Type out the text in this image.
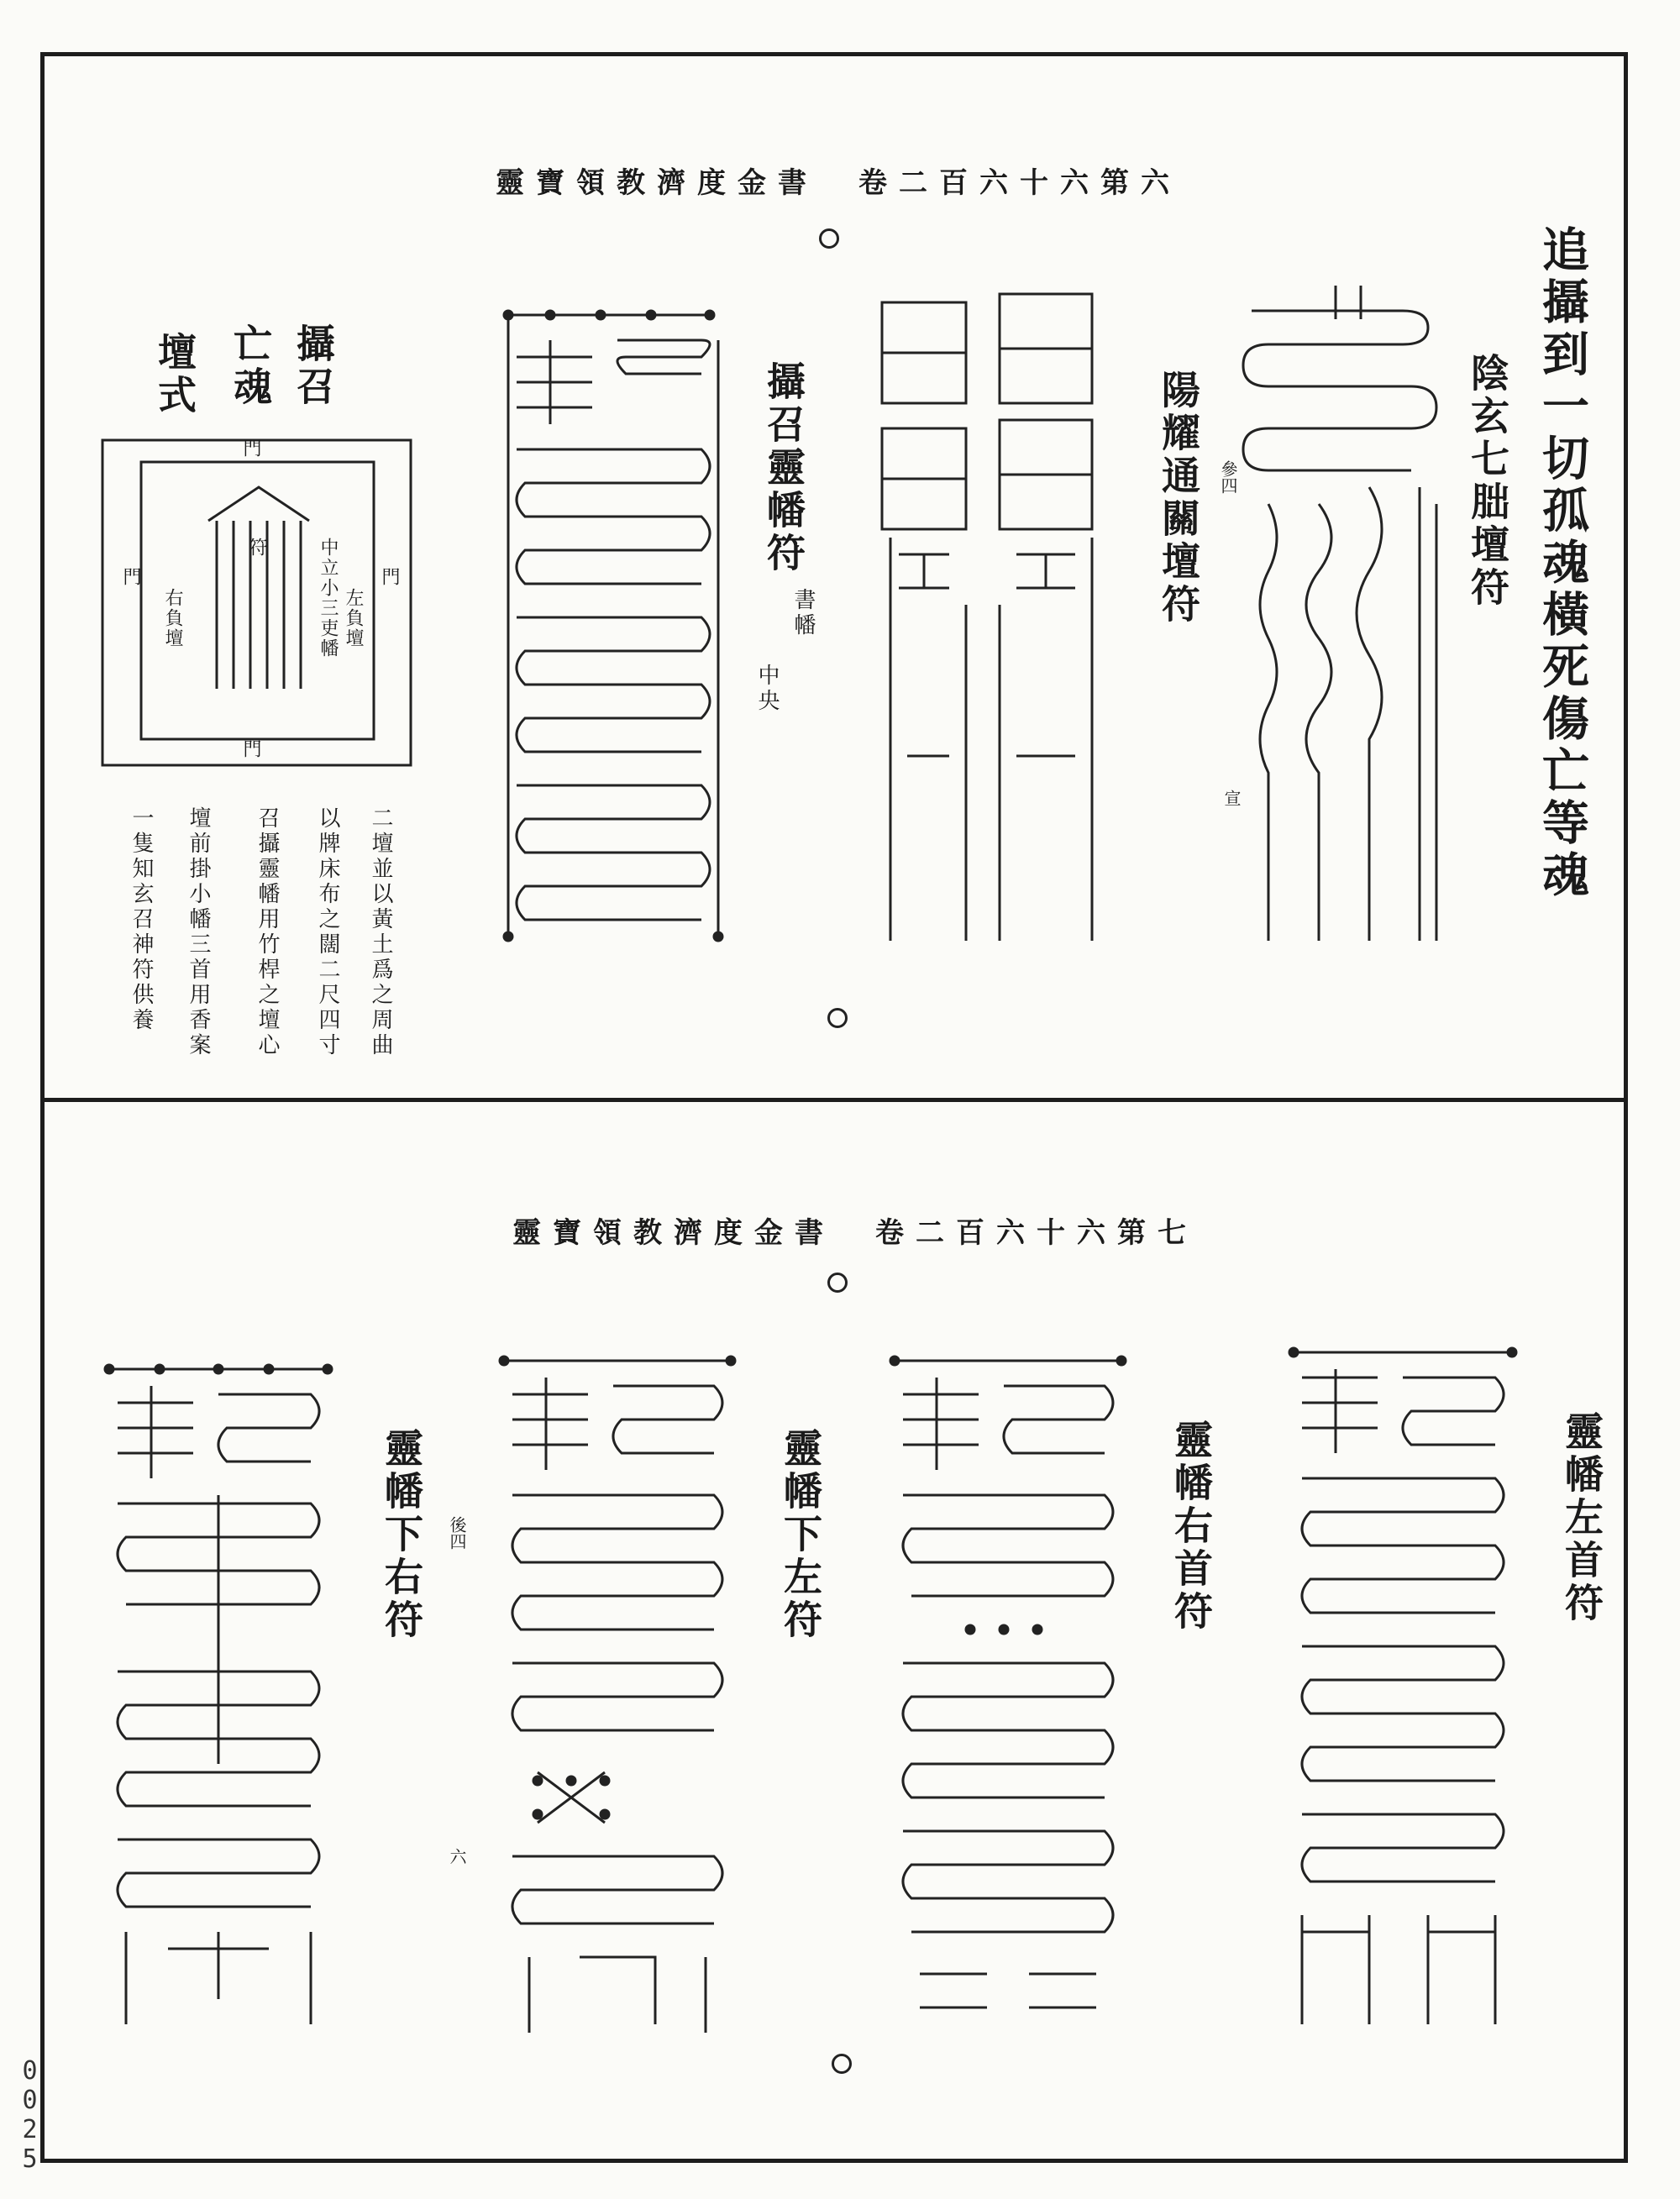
靈寶領教濟度金書　卷二百六十六第六
追攝到一切孤魂橫死傷亡等魂
陰玄七朏壇符
陽耀通關壇符
攝召靈幡符
書幡
中央
參四
宣
攝召
亡魂
壇式
門
門
門	門
符	中立小三吏幡 左負壇
右負壇
二壇並以黃土爲之周曲
以牌床布之闊二尺四寸
召攝靈幡用竹桿之壇心
壇前掛小幡三首用香案
一隻知玄召神符供養
靈寶領教濟度金書　卷二百六十六第七
靈幡左首符
靈幡右首符
靈幡下左符
靈幡下右符	後四
六
0025
